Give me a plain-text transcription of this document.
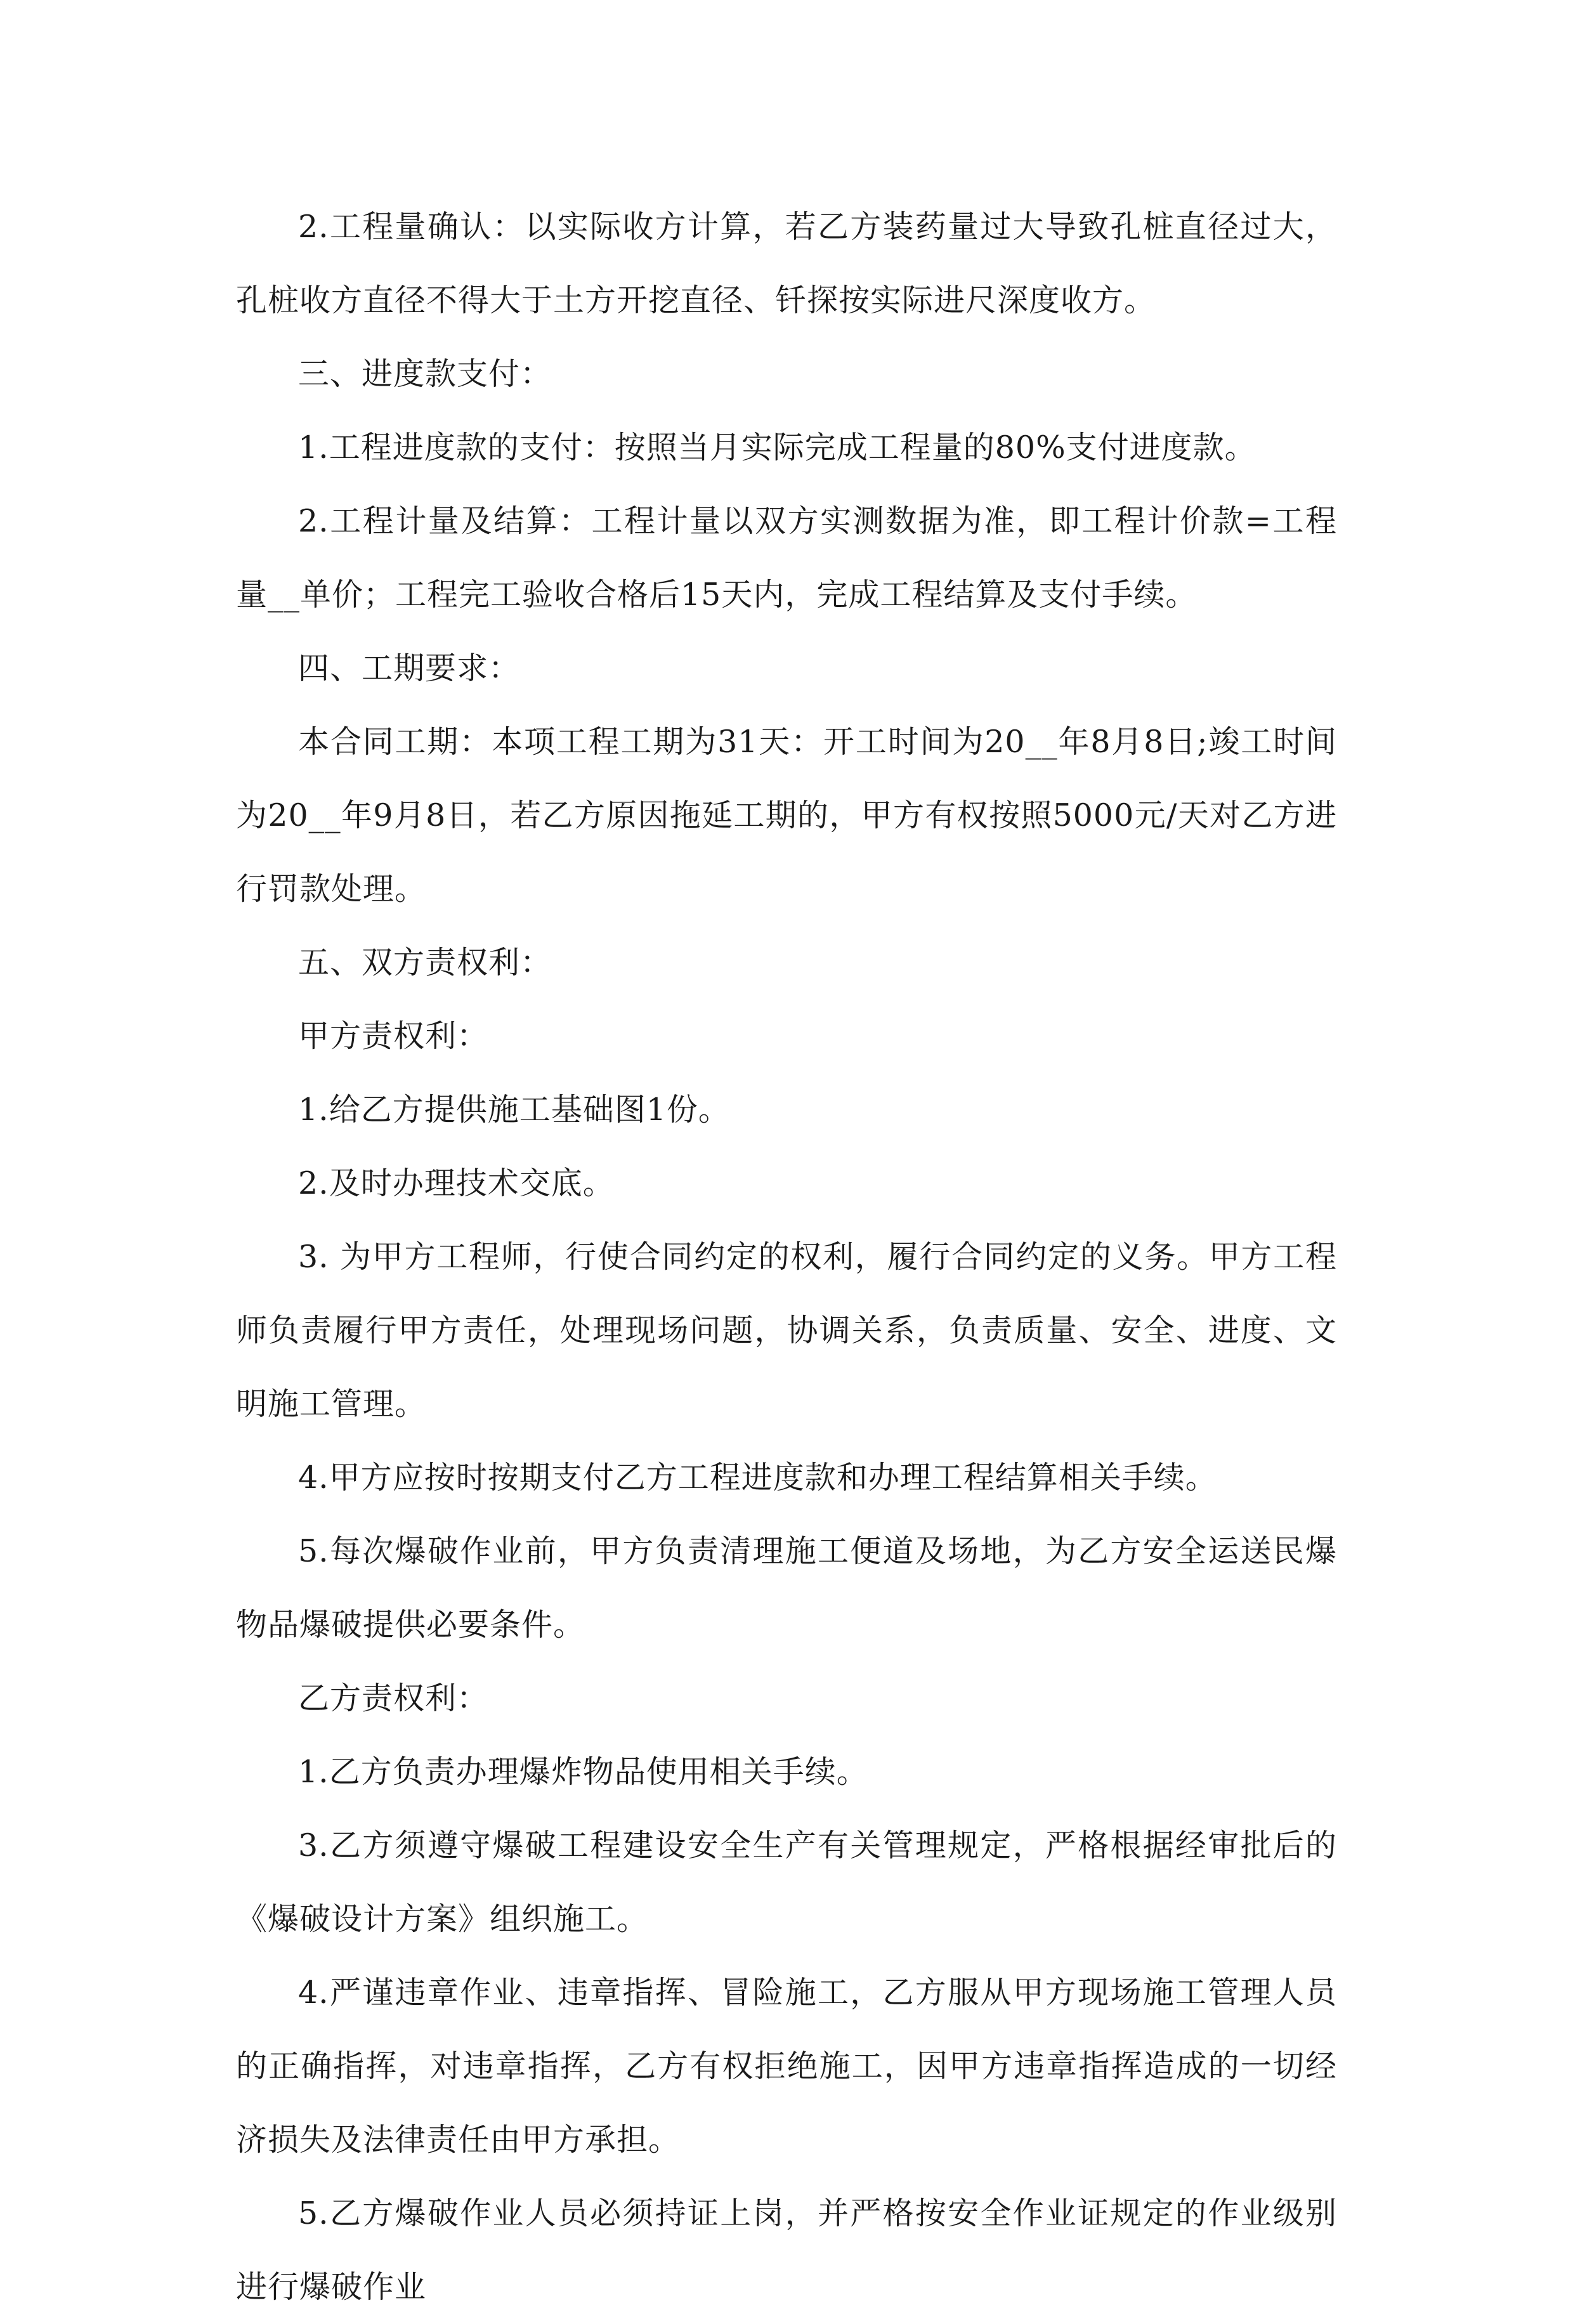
2.工程量确认：以实际收方计算，若乙方装药量过大导致孔桩直径过大，孔桩收方直径不得大于土方开挖直径、钎探按实际进尺深度收方。

三、进度款支付：

1.工程进度款的支付：按照当月实际完成工程量的80%支付进度款。

2.工程计量及结算：工程计量以双方实测数据为准，即工程计价款=工程量__单价；工程完工验收合格后15天内，完成工程结算及支付手续。

四、工期要求：

本合同工期：本项工程工期为31天：开工时间为20__年8月8日;竣工时间为20__年9月8日，若乙方原因拖延工期的，甲方有权按照5000元/天对乙方进行罚款处理。

五、双方责权利：

甲方责权利：

1.给乙方提供施工基础图1份。

2.及时办理技术交底。

3. 为甲方工程师，行使合同约定的权利，履行合同约定的义务。甲方工程师负责履行甲方责任，处理现场问题，协调关系，负责质量、安全、进度、文明施工管理。

4.甲方应按时按期支付乙方工程进度款和办理工程结算相关手续。

5.每次爆破作业前，甲方负责清理施工便道及场地，为乙方安全运送民爆物品爆破提供必要条件。

乙方责权利：

1.乙方负责办理爆炸物品使用相关手续。

3.乙方须遵守爆破工程建设安全生产有关管理规定，严格根据经审批后的《爆破设计方案》组织施工。

4.严谨违章作业、违章指挥、冒险施工，乙方服从甲方现场施工管理人员的正确指挥，对违章指挥，乙方有权拒绝施工，因甲方违章指挥造成的一切经济损失及法律责任由甲方承担。

5.乙方爆破作业人员必须持证上岗，并严格按安全作业证规定的作业级别进行爆破作业
